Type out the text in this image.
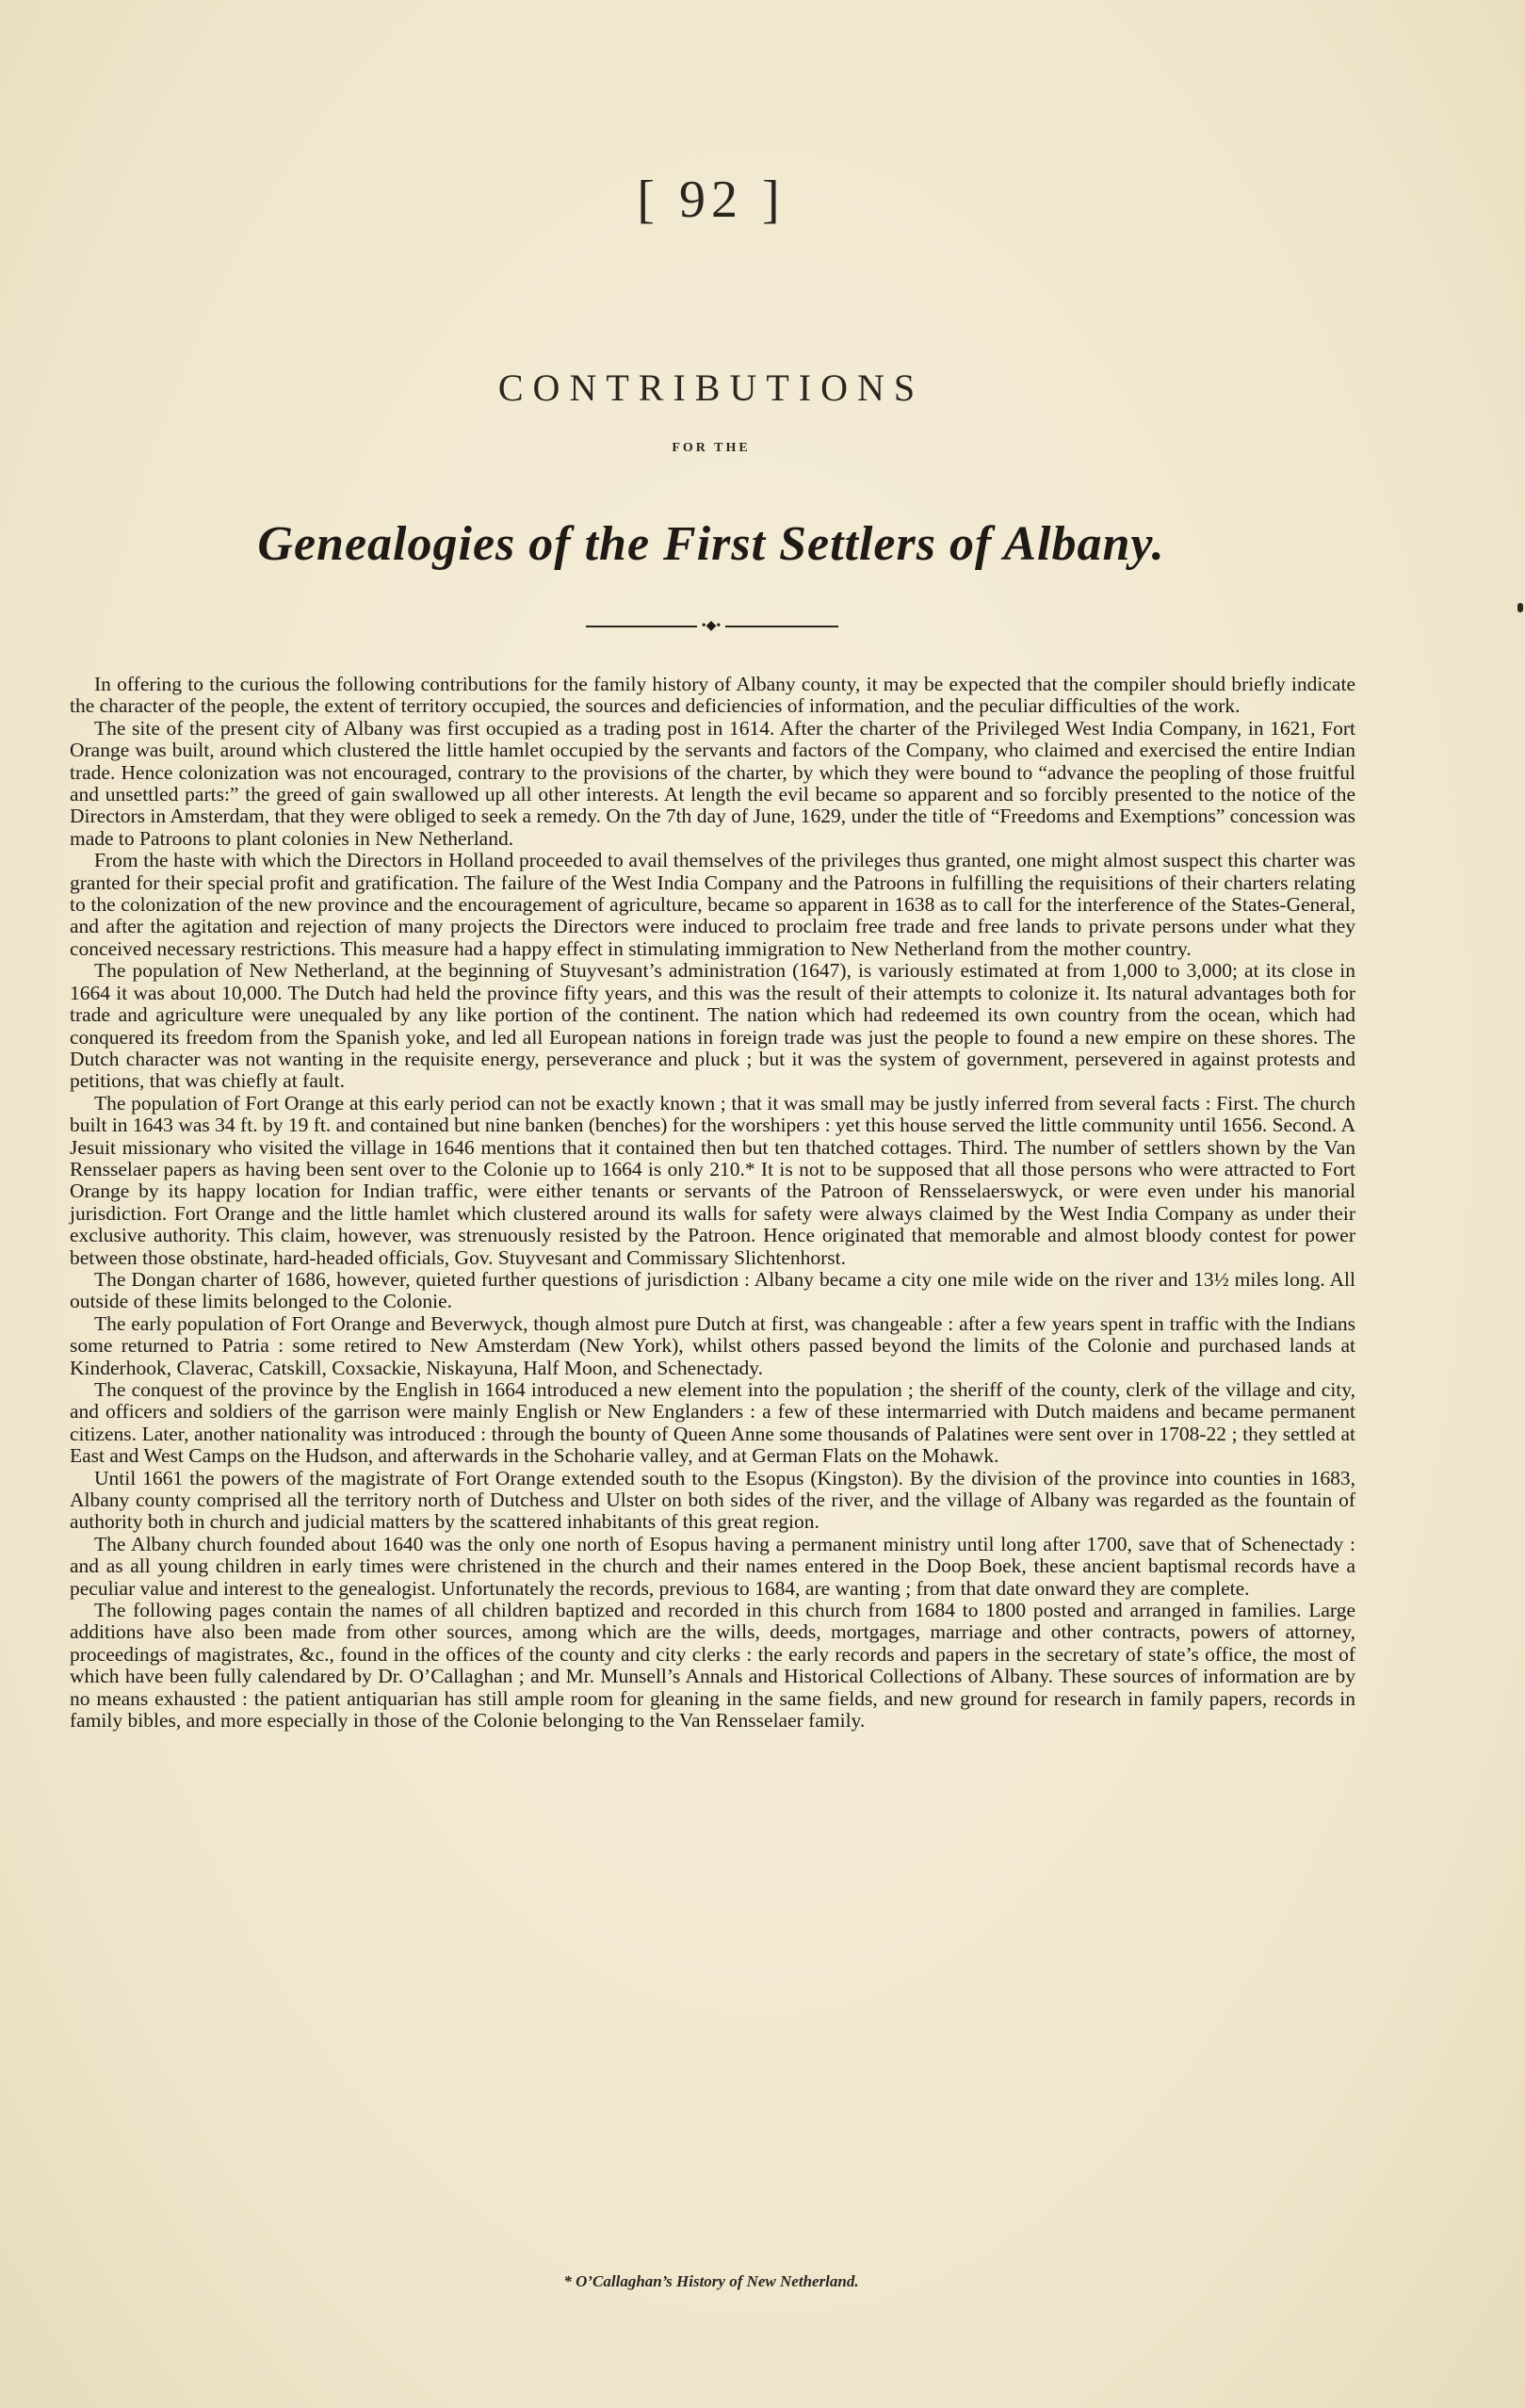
[ 92 ]
CONTRIBUTIONS
FOR THE
Genealogies of the First Settlers of Albany.
•◆•

In offering to the curious the following contributions for the family history of Albany county, it may be expected that the compiler should briefly indicate the character of the people, the extent of territory occupied, the sources and deficiencies of information, and the peculiar difficulties of the work.

The site of the present city of Albany was first occupied as a trading post in 1614. After the charter of the Privileged West India Company, in 1621, Fort Orange was built, around which clustered the little hamlet occupied by the servants and factors of the Company, who claimed and exercised the entire Indian trade. Hence colonization was not encouraged, contrary to the provisions of the charter, by which they were bound to “advance the peopling of those fruitful and unsettled parts:” the greed of gain swallowed up all other interests. At length the evil became so apparent and so forcibly presented to the notice of the Directors in Amsterdam, that they were obliged to seek a remedy. On the 7th day of June, 1629, under the title of “Freedoms and Exemptions” concession was made to Patroons to plant colonies in New Netherland.

From the haste with which the Directors in Holland proceeded to avail themselves of the privileges thus granted, one might almost suspect this charter was granted for their special profit and gratification. The failure of the West India Company and the Patroons in fulfilling the requisitions of their charters relating to the colonization of the new province and the encouragement of agriculture, became so apparent in 1638 as to call for the interference of the States-General, and after the agitation and rejection of many projects the Directors were induced to proclaim free trade and free lands to private persons under what they conceived necessary restrictions. This measure had a happy effect in stimulating immigration to New Netherland from the mother country.

The population of New Netherland, at the beginning of Stuyvesant’s administration (1647), is variously estimated at from 1,000 to 3,000; at its close in 1664 it was about 10,000. The Dutch had held the province fifty years, and this was the result of their attempts to colonize it. Its natural advantages both for trade and agriculture were unequaled by any like portion of the continent. The nation which had redeemed its own country from the ocean, which had conquered its freedom from the Spanish yoke, and led all European nations in foreign trade was just the people to found a new empire on these shores. The Dutch character was not wanting in the requisite energy, perseverance and pluck ; but it was the system of government, persevered in against protests and petitions, that was chiefly at fault.

The population of Fort Orange at this early period can not be exactly known ; that it was small may be justly inferred from several facts : First. The church built in 1643 was 34 ft. by 19 ft. and contained but nine banken (benches) for the worshipers : yet this house served the little community until 1656. Second. A Jesuit missionary who visited the village in 1646 mentions that it contained then but ten thatched cottages. Third. The number of settlers shown by the Van Rensselaer papers as having been sent over to the Colonie up to 1664 is only 210.* It is not to be supposed that all those persons who were attracted to Fort Orange by its happy location for Indian traffic, were either tenants or servants of the Patroon of Rensselaerswyck, or were even under his manorial jurisdiction. Fort Orange and the little hamlet which clustered around its walls for safety were always claimed by the West India Company as under their exclusive authority. This claim, however, was strenuously resisted by the Patroon. Hence originated that memorable and almost bloody contest for power between those obstinate, hard-headed officials, Gov. Stuyvesant and Commissary Slichtenhorst.

The Dongan charter of 1686, however, quieted further questions of jurisdiction : Albany became a city one mile wide on the river and 13½ miles long. All outside of these limits belonged to the Colonie.

The early population of Fort Orange and Beverwyck, though almost pure Dutch at first, was changeable : after a few years spent in traffic with the Indians some returned to Patria : some retired to New Amsterdam (New York), whilst others passed beyond the limits of the Colonie and purchased lands at Kinderhook, Claverac, Catskill, Coxsackie, Niskayuna, Half Moon, and Schenectady.

The conquest of the province by the English in 1664 introduced a new element into the population ; the sheriff of the county, clerk of the village and city, and officers and soldiers of the garrison were mainly English or New Englanders : a few of these intermarried with Dutch maidens and became permanent citizens. Later, another nationality was introduced : through the bounty of Queen Anne some thousands of Palatines were sent over in 1708-22 ; they settled at East and West Camps on the Hudson, and afterwards in the Schoharie valley, and at German Flats on the Mohawk.

Until 1661 the powers of the magistrate of Fort Orange extended south to the Esopus (Kingston). By the division of the province into counties in 1683, Albany county comprised all the territory north of Dutchess and Ulster on both sides of the river, and the village of Albany was regarded as the fountain of authority both in church and judicial matters by the scattered inhabitants of this great region.

The Albany church founded about 1640 was the only one north of Esopus having a permanent ministry until long after 1700, save that of Schenectady : and as all young children in early times were christened in the church and their names entered in the Doop Boek, these ancient baptismal records have a peculiar value and interest to the genealogist. Unfortunately the records, previous to 1684, are wanting ; from that date onward they are complete.

The following pages contain the names of all children baptized and recorded in this church from 1684 to 1800 posted and arranged in families. Large additions have also been made from other sources, among which are the wills, deeds, mortgages, marriage and other contracts, powers of attorney, proceedings of magistrates, &c., found in the offices of the county and city clerks : the early records and papers in the secretary of state’s office, the most of which have been fully calendared by Dr. O’Callaghan ; and Mr. Munsell’s Annals and Historical Collections of Albany. These sources of information are by no means exhausted : the patient antiquarian has still ample room for gleaning in the same fields, and new ground for research in family papers, records in family bibles, and more especially in those of the Colonie belonging to the Van Rensselaer family.

* O’Callaghan’s History of New Netherland.
